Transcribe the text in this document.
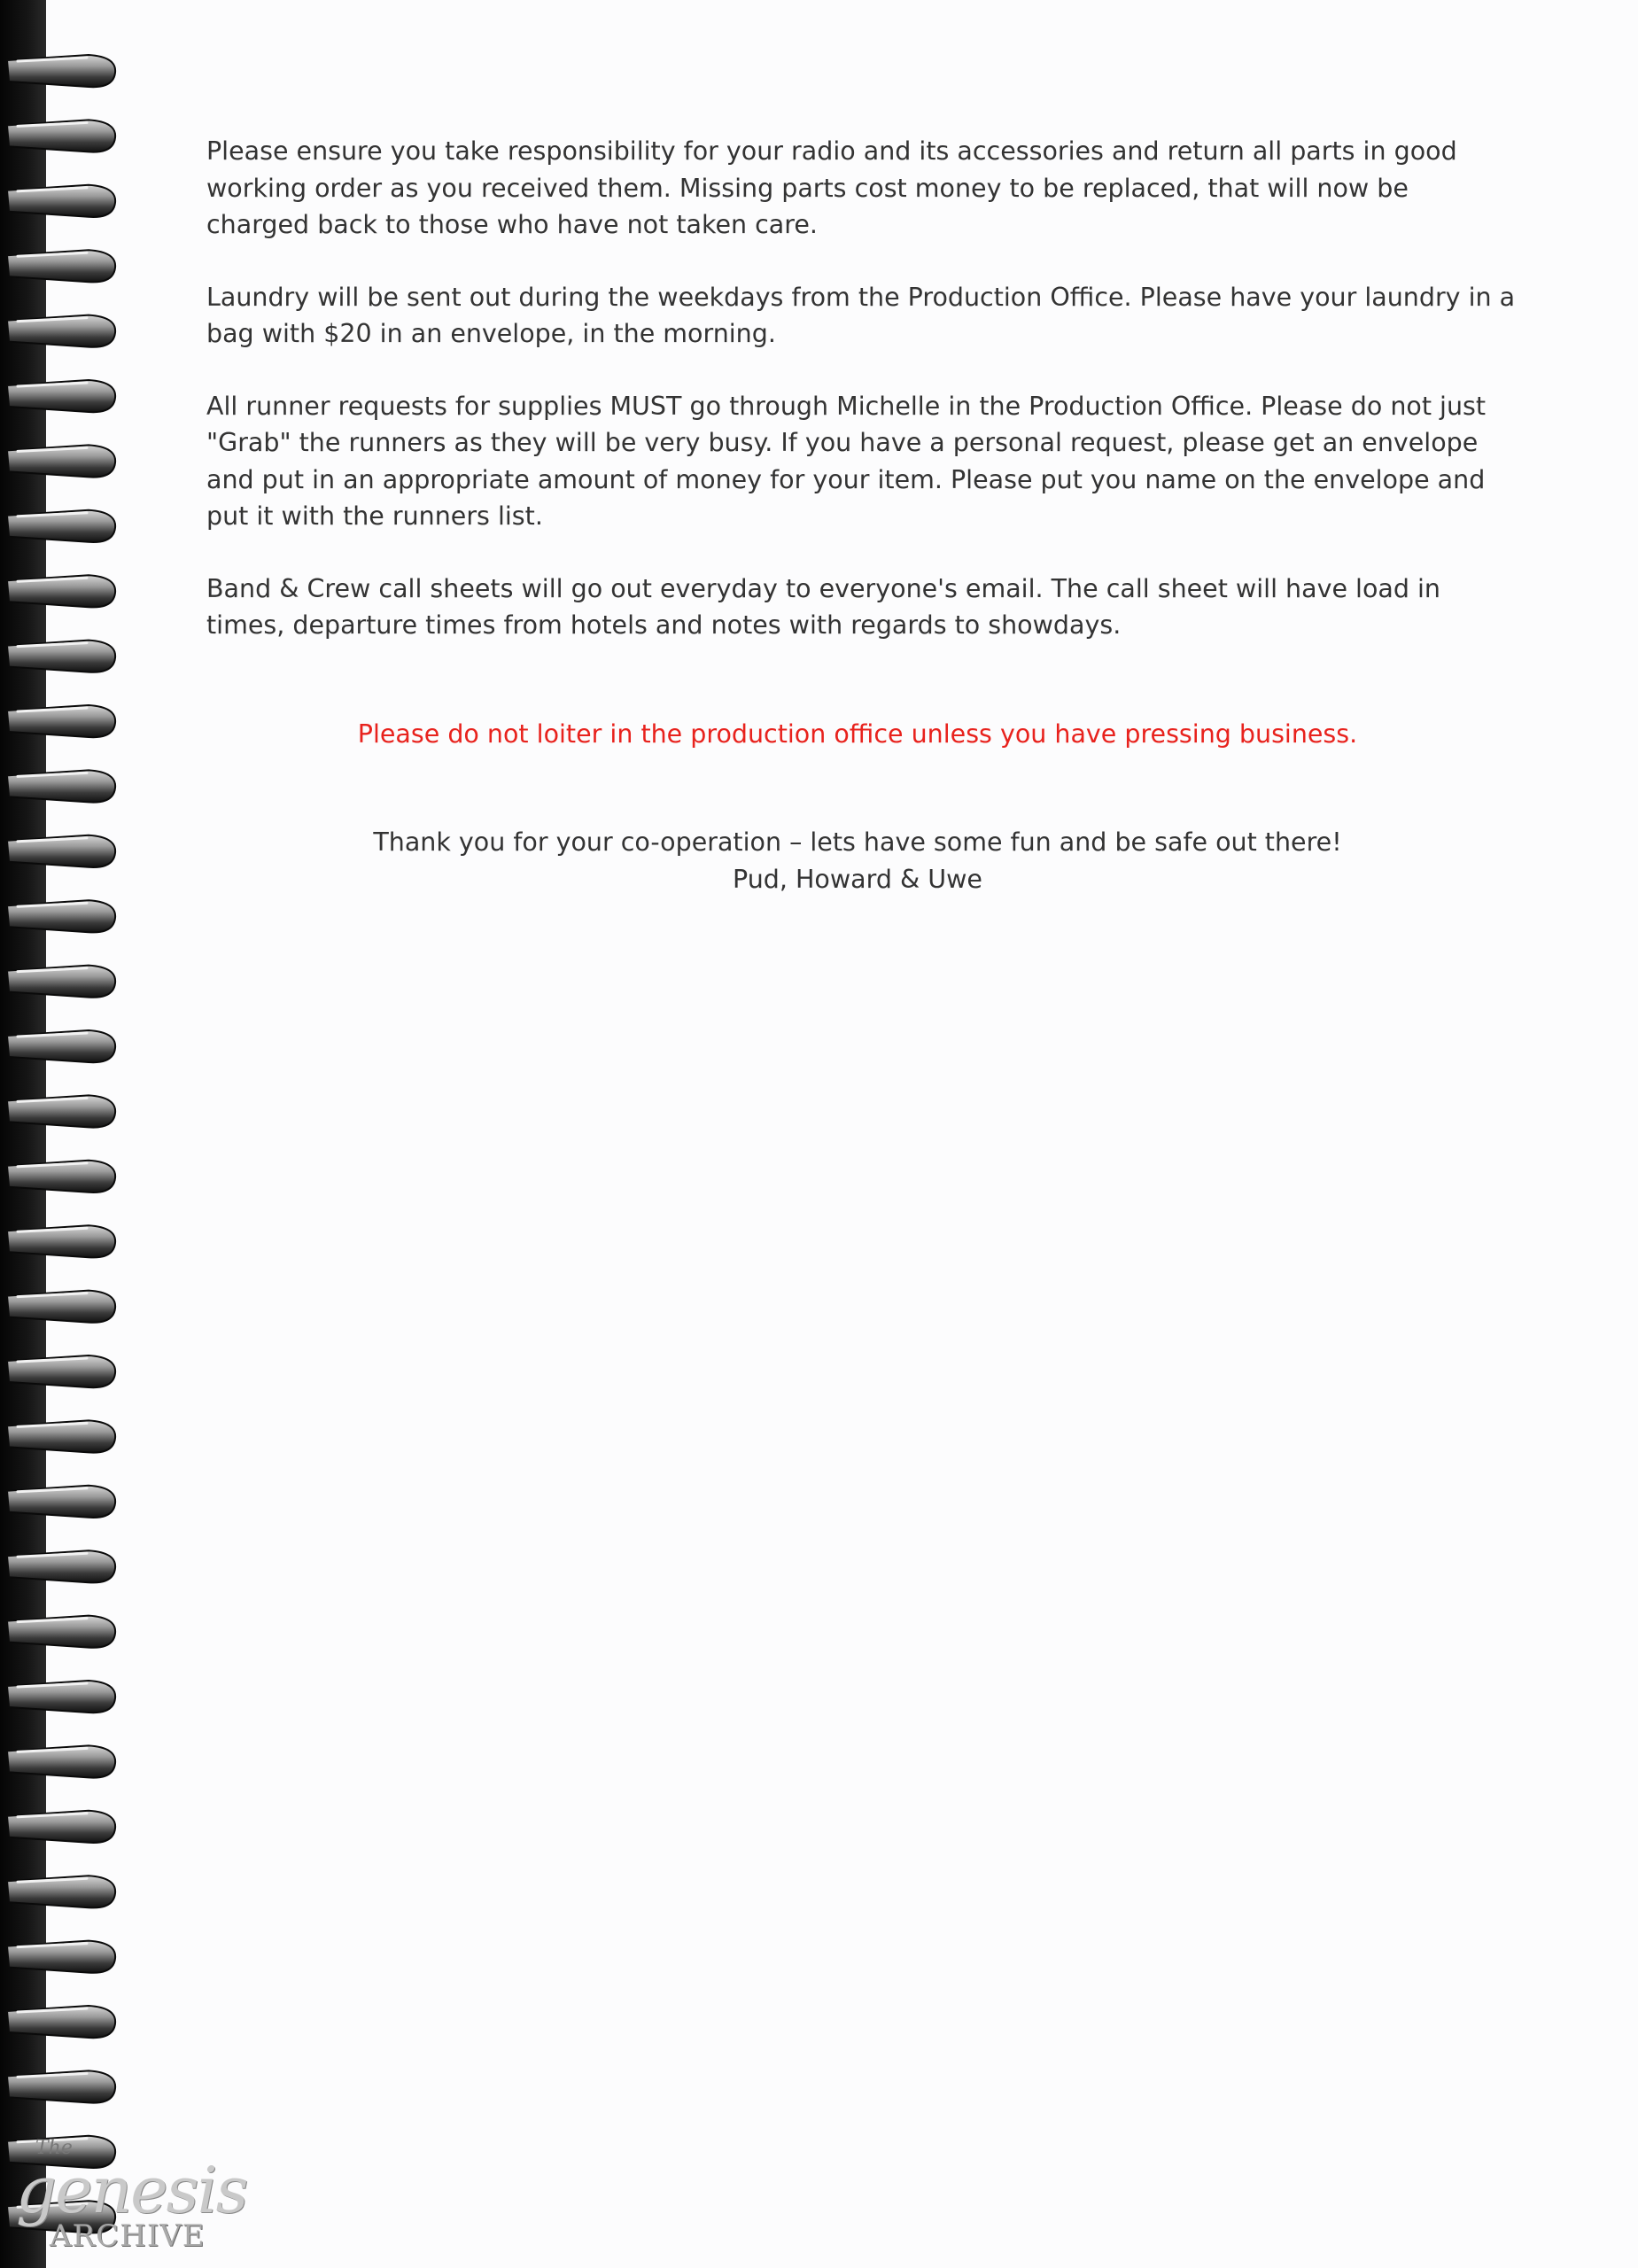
Please ensure you take responsibility for your radio and its accessories and return all parts in good working order as you received them. Missing parts cost money to be replaced, that will now be charged back to those who have not taken care.

Laundry will be sent out during the weekdays from the Production Office. Please have your laundry in a bag with $20 in an envelope, in the morning.

All runner requests for supplies MUST go through Michelle in the Production Office. Please do not just "Grab" the runners as they will be very busy. If you have a personal request, please get an envelope and put in an appropriate amount of money for your item. Please put you name on the envelope and put it with the runners list.

Band & Crew call sheets will go out everyday to everyone's email. The call sheet will have load in times, departure times from hotels and notes with regards to showdays.

Please do not loiter in the production office unless you have pressing business.

Thank you for your co-operation – lets have some fun and be safe out there!
Pud, Howard & Uwe
The
genesis
ARCHIVE
